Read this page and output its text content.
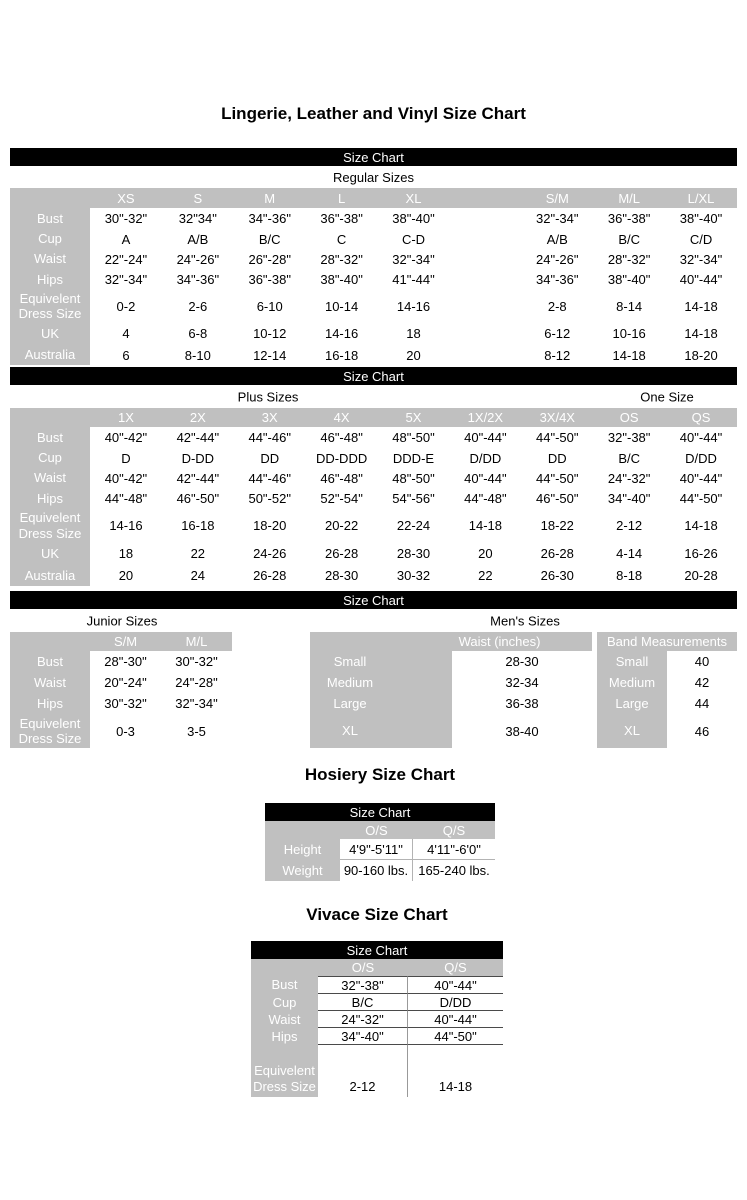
Lingerie, Leather and Vinyl Size Chart
Size Chart
Regular Sizes
XS	S	M	L	XL	S/M	M/L	L/XL
Bust	30"-32"	32"34"	34"-36"	36"-38"	38"-40"	32"-34"	36"-38"	38"-40"
Cup	A	A/B	B/C	C	C-D	A/B	B/C	C/D
Waist	22"-24"	24"-26"	26"-28"	28"-32"	32"-34"	24"-26"	28"-32"	32"-34"
Hips	32"-34"	34"-36"	36"-38"	38"-40"	41"-44"	34"-36"	38"-40"	40"-44"
Equivelent Dress Size	0-2	2-6	6-10	10-14	14-16	2-8	8-14	14-18
UK	4	6-8	10-12	14-16	18	6-12	10-16	14-18
Australia	6	8-10	12-14	16-18	20	8-12	14-18	18-20
Size Chart
Plus Sizes	One Size
1X	2X	3X	4X	5X	1X/2X	3X/4X	OS	QS
Bust	40"-42"	42"-44"	44"-46"	46"-48"	48"-50"	40"-44"	44"-50"	32"-38"	40"-44"
Cup	D	D-DD	DD	DD-DDD	DDD-E	D/DD	DD	B/C	D/DD
Waist	40"-42"	42"-44"	44"-46"	46"-48"	48"-50"	40"-44"	44"-50"	24"-32"	40"-44"
Hips	44"-48"	46"-50"	50"-52"	52"-54"	54"-56"	44"-48"	46"-50"	34"-40"	44"-50"
Equivelent Dress Size	14-16	16-18	18-20	20-22	22-24	14-18	18-22	2-12	14-18
UK	18	22	24-26	26-28	28-30	20	26-28	4-14	16-26
Australia	20	24	26-28	28-30	30-32	22	26-30	8-18	20-28
Size Chart
Junior Sizes	Men's Sizes
S/M	M/L
Bust	28"-30"	30"-32"
Waist	20"-24"	24"-28"
Hips	30"-32"	32"-34"
Equivelent Dress Size	0-3	3-5
Waist (inches)
Small	28-30
Medium	32-34
Large	36-38
XL	38-40
Band Measurements
Small	40
Medium	42
Large	44
XL	46
Hosiery Size Chart
Size Chart
O/S	Q/S
Height	4'9"-5'11"	4'11"-6'0"
Weight	90-160 lbs. 165-240 lbs.
Vivace Size Chart
Size Chart
O/S	Q/S
Bust	32"-38"	40"-44"
Cup	B/C	D/DD
Waist	24"-32"	40"-44"
Hips	34"-40"	44"-50"
Equivelent Dress Size	2-12	14-18
